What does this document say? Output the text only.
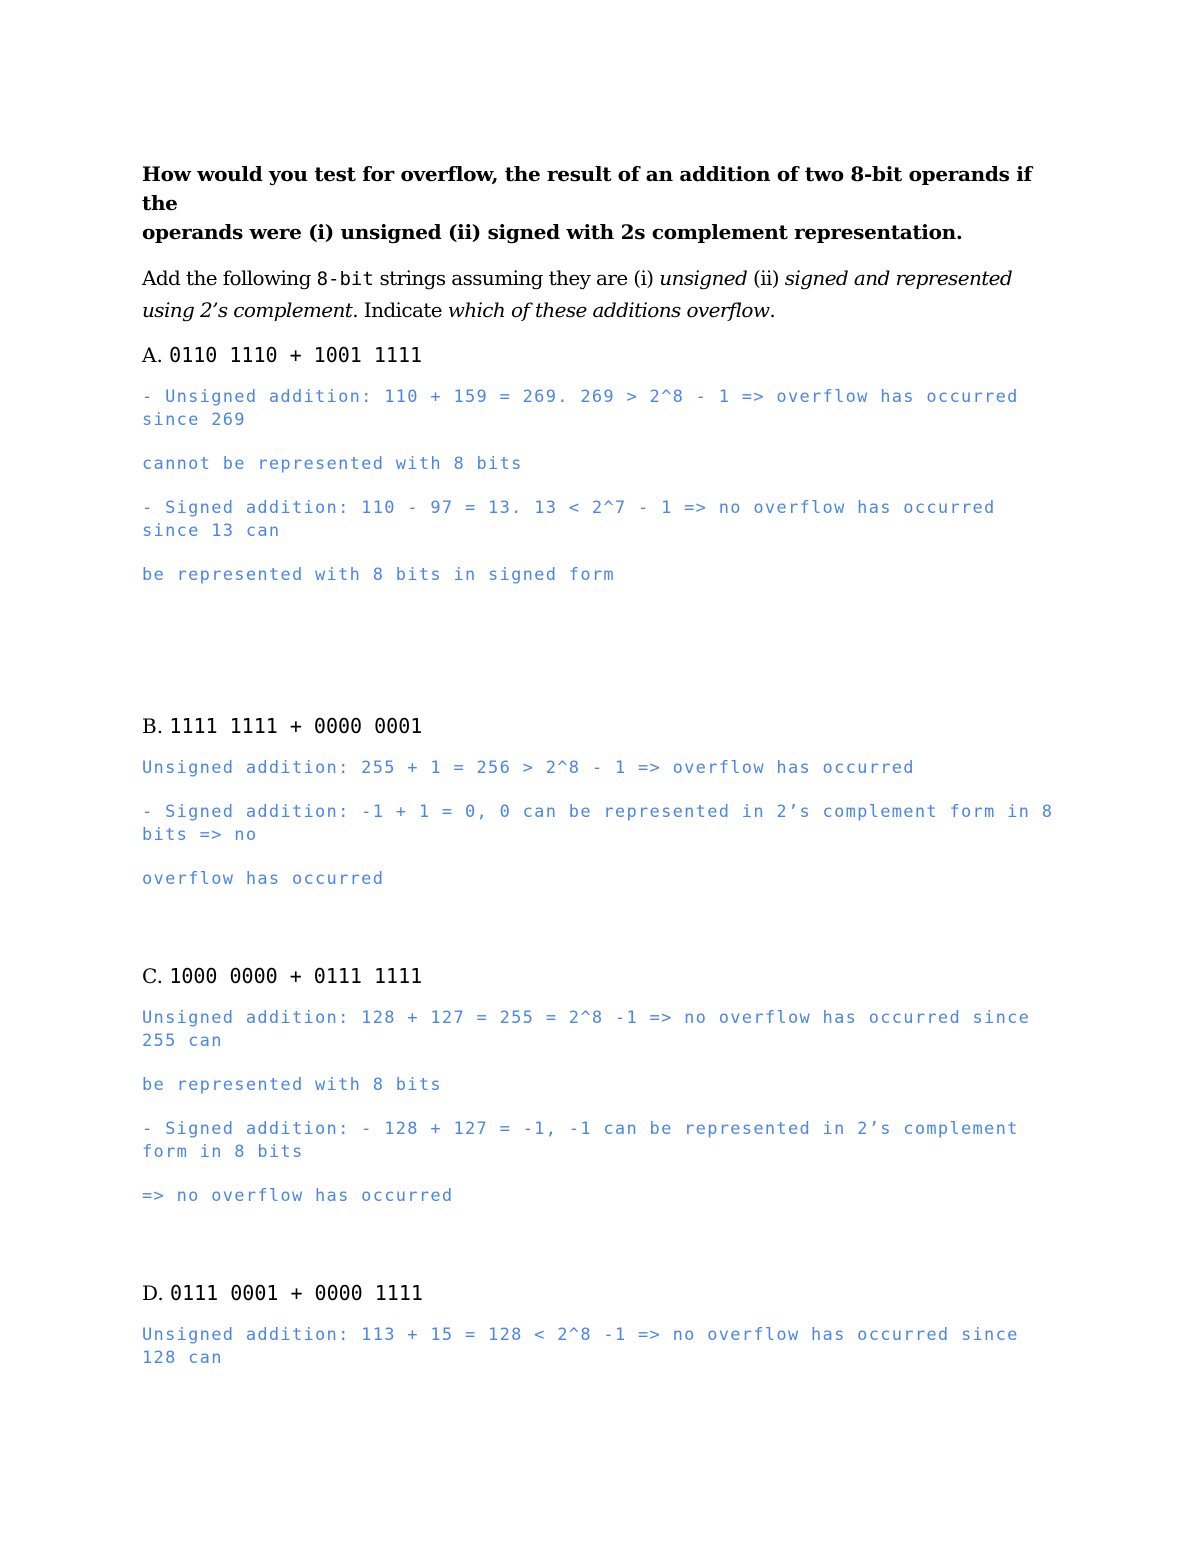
How would you test for overflow, the result of an addition of two 8-bit operands if the
operands were (i) unsigned (ii) signed with 2s complement representation.
Add the following 8-bit strings assuming they are (i) unsigned (ii) signed and represented using 2’s complement. Indicate which of these additions overflow.
A. 0110 1110 + 1001 1111
- Unsigned addition: 110 + 159 = 269. 269 > 2^8 - 1 => overflow has occurred since 269
cannot be represented with 8 bits
- Signed addition: 110 - 97 = 13. 13 < 2^7 - 1 => no overflow has occurred since 13 can
be represented with 8 bits in signed form
B. 1111 1111 + 0000 0001
Unsigned addition: 255 + 1 = 256 > 2^8 - 1 => overflow has occurred
- Signed addition: -1 + 1 = 0, 0 can be represented in 2’s complement form in 8 bits => no
overflow has occurred
C. 1000 0000 + 0111 1111
Unsigned addition: 128 + 127 = 255 = 2^8 -1 => no overflow has occurred since 255 can
be represented with 8 bits
- Signed addition: - 128 + 127 = -1, -1 can be represented in 2’s complement form in 8 bits
=> no overflow has occurred
D. 0111 0001 + 0000 1111
Unsigned addition: 113 + 15 = 128 < 2^8 -1 => no overflow has occurred since 128 can
